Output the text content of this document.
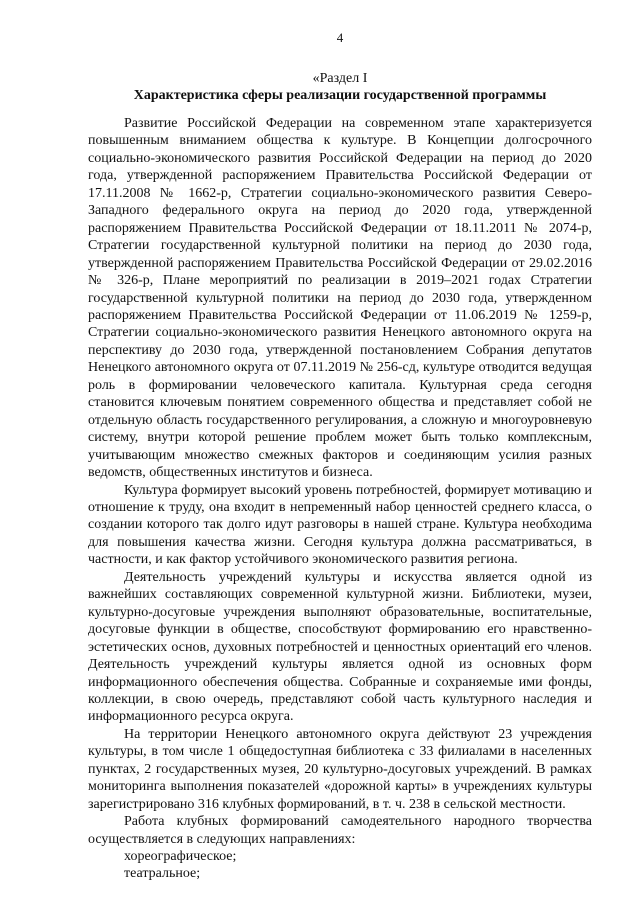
4
«Раздел I
Характеристика сферы реализации государственной программы

Развитие Российской Федерации на современном этапе характеризуется повышенным вниманием общества к культуре. В Концепции долгосрочного социально-экономического развития Российской Федерации на период до 2020 года, утвержденной распоряжением Правительства Российской Федерации от 17.11.2008 № 1662-р, Стратегии социально-экономического развития Северо-Западного федерального округа на период до 2020 года, утвержденной распоряжением Правительства Российской Федерации от 18.11.2011 № 2074-р, Стратегии государственной культурной политики на период до 2030 года, утвержденной распоряжением Правительства Российской Федерации от 29.02.2016 № 326-р, Плане мероприятий по реализации в 2019–2021 годах Стратегии государственной культурной политики на период до 2030 года, утвержденном распоряжением Правительства Российской Федерации от 11.06.2019 № 1259-р, Стратегии социально-экономического развития Ненецкого автономного округа на перспективу до 2030 года, утвержденной постановлением Собрания депутатов Ненецкого автономного округа от 07.11.2019 № 256-сд, культуре отводится ведущая роль в формировании человеческого капитала. Культурная среда сегодня становится ключевым понятием современного общества и представляет собой не отдельную область государственного регулирования, а сложную и многоуровневую систему, внутри которой решение проблем может быть только комплексным, учитывающим множество смежных факторов и соединяющим усилия разных ведомств, общественных институтов и бизнеса.

Культура формирует высокий уровень потребностей, формирует мотивацию и отношение к труду, она входит в непременный набор ценностей среднего класса, о создании которого так долго идут разговоры в нашей стране. Культура необходима для повышения качества жизни. Сегодня культура должна рассматриваться, в частности, и как фактор устойчивого экономического развития региона.

Деятельность учреждений культуры и искусства является одной из важнейших составляющих современной культурной жизни. Библиотеки, музеи, культурно-досуговые учреждения выполняют образовательные, воспитательные, досуговые функции в обществе, способствуют формированию его нравственно-эстетических основ, духовных потребностей и ценностных ориентаций его членов. Деятельность учреждений культуры является одной из основных форм информационного обеспечения общества. Собранные и сохраняемые ими фонды, коллекции, в свою очередь, представляют собой часть культурного наследия и информационного ресурса округа.

На территории Ненецкого автономного округа действуют 23 учреждения культуры, в том числе 1 общедоступная библиотека с 33 филиалами в населенных пунктах, 2 государственных музея, 20 культурно-досуговых учреждений. В рамках мониторинга выполнения показателей «дорожной карты» в учреждениях культуры зарегистрировано 316 клубных формирований, в т. ч. 238 в сельской местности.

Работа клубных формирований самодеятельного народного творчества осуществляется в следующих направлениях:

хореографическое;

театральное;
